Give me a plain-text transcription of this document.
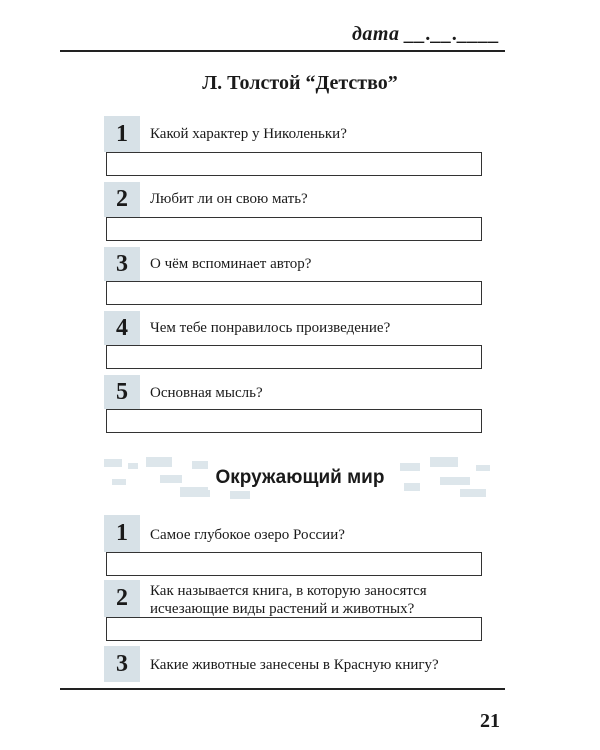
дата __.__.____
Л. Толстой “Детство”
1	Какой характер у Николеньки?
2	Любит ли он свою мать?
3	О чём вспоминает автор?
4	Чем тебе понравилось произведение?
5	Основная мысль?
Окружающий мир
1	Самое глубокое озеро России?
2	Как называется книга, в которую заносятся
исчезающие виды растений и животных?
3	Какие животные занесены в Красную книгу?
21
